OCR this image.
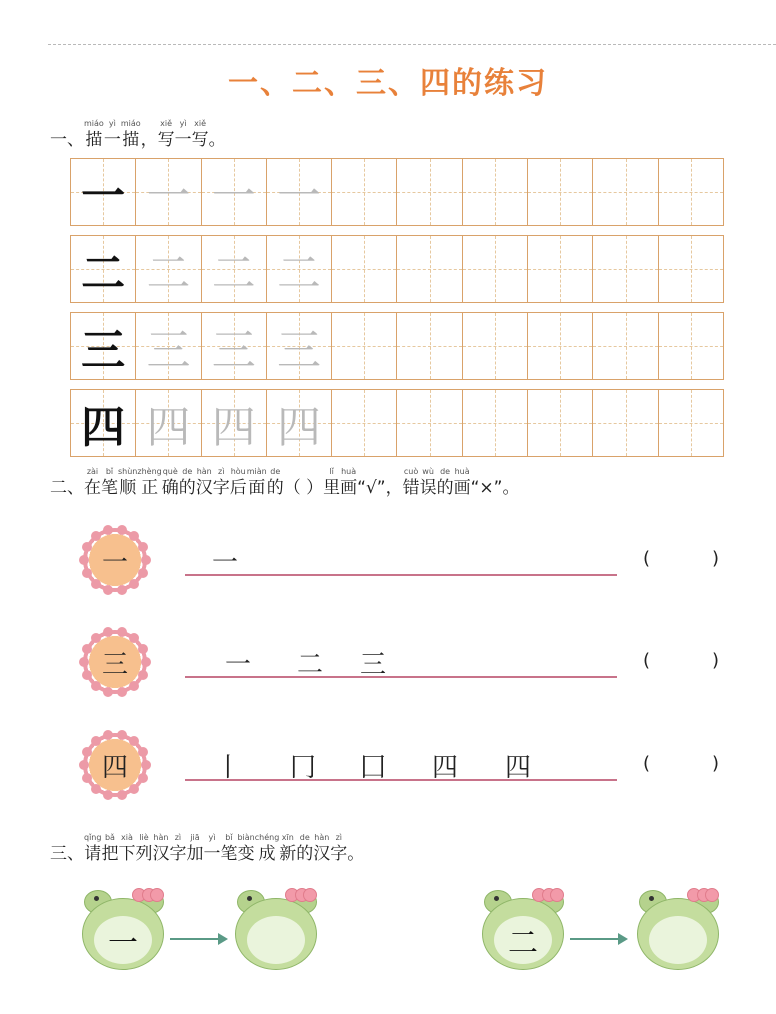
一、二、三、四的练习
一、
miáo
描
yì
一
miáo
描 ，
xiě
写
yì
一
xiě
写 。
一 一 一 一
二 二 二 二
三 三 三 三
四 四 四 四
二、
zài
在
bǐ
笔
shùn
顺
zhèng
正
què
确
de
的
hàn
汉
zì
字
hòu
后
miàn
面
de
的 （ ）
lǐ
里
huà
画 “√”，
cuò
错
wù
误
de
的
huà
画 “×”。
一	一	(	)
三	一 二 三	(	)
四	丨 冂 囗 四 四	(	)
三、
qǐng
请
bǎ
把
xià
下
liè
列
hàn
汉
zì
字
jiā
加
yì
一
bǐ
笔
biàn
变
chéng
成
xīn
新
de
的
hàn
汉
zì
字 。
一	二
